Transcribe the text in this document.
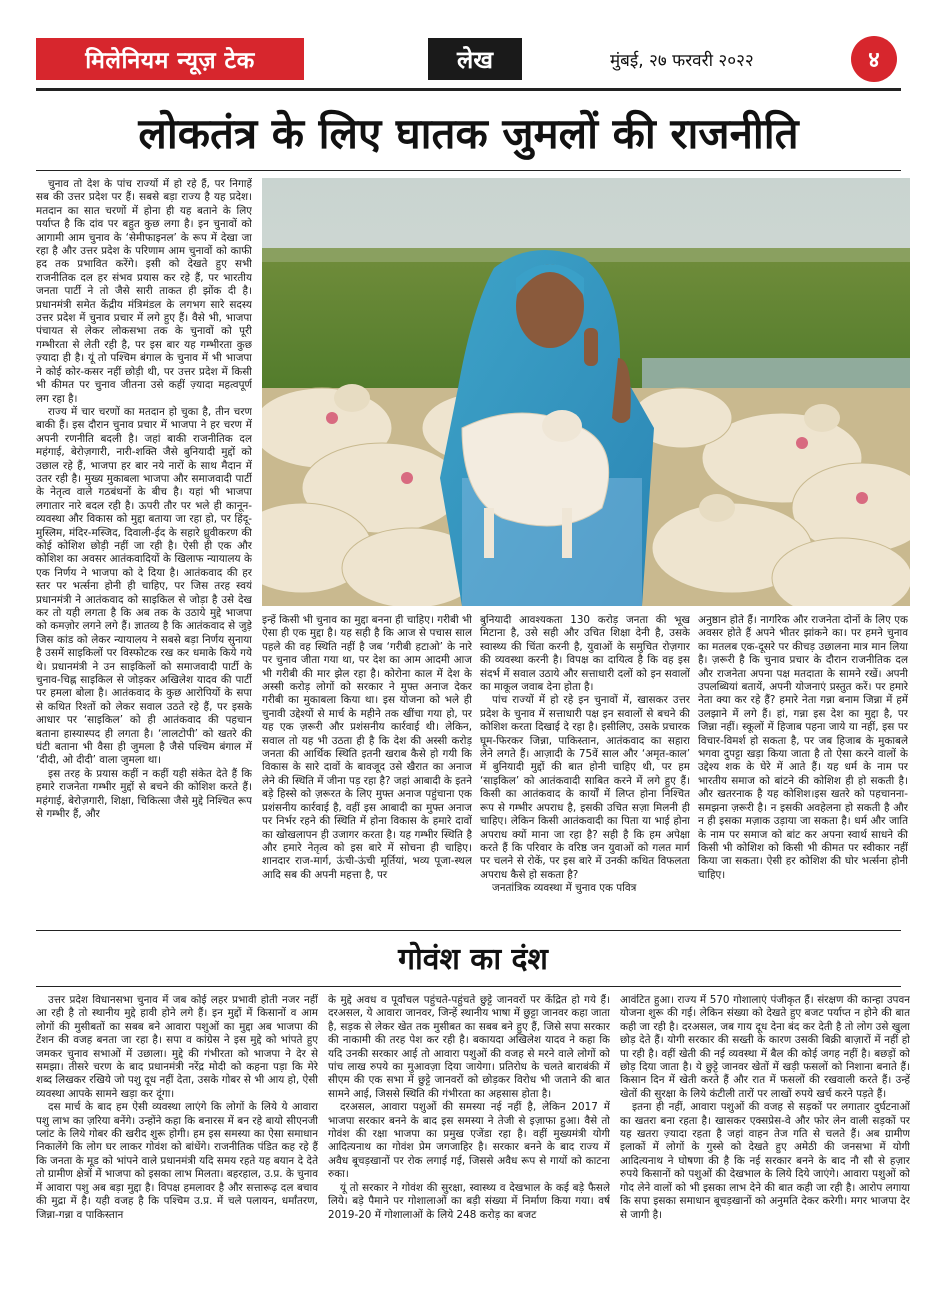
मिलेनियम न्यूज़ टेक	लेख	मुंबई, २७ फरवरी २०२२	४
लोकतंत्र के लिए घातक जुमलों की राजनीति

चुनाव तो देश के पांच राज्यों में हो रहे हैं, पर निगाहें सब की उत्तर प्रदेश पर हैं। सबसे बड़ा राज्य है यह प्रदेश। मतदान का सात चरणों में होना ही यह बताने के लिए पर्याप्त है कि दांव पर बहुत कुछ लगा है। इन चुनावों को आगामी आम चुनाव के ‘सेमीफाइनल’ के रूप में देखा जा रहा है और उत्तर प्रदेश के परिणाम आम चुनावों को काफी हद तक प्रभावित करेंगे। इसी को देखते हुए सभी राजनीतिक दल हर संभव प्रयास कर रहे हैं, पर भारतीय जनता पार्टी ने तो जैसे सारी ताकत ही झोंक दी है। प्रधानमंत्री समेत केंद्रीय मंत्रिमंडल के लगभग सारे सदस्य उत्तर प्रदेश में चुनाव प्रचार में लगे हुए हैं। वैसे भी, भाजपा पंचायत से लेकर लोकसभा तक के चुनावों को पूरी गम्भीरता से लेती रही है, पर इस बार यह गम्भीरता कुछ ज़्यादा ही है। यूं तो पश्चिम बंगाल के चुनाव में भी भाजपा ने कोई कोर-कसर नहीं छोड़ी थी, पर उत्तर प्रदेश में किसी भी कीमत पर चुनाव जीतना उसे कहीं ज़्यादा महत्वपूर्ण लग रहा है।

राज्य में चार चरणों का मतदान हो चुका है, तीन चरण बाकी हैं। इस दौरान चुनाव प्रचार में भाजपा ने हर चरण में अपनी रणनीति बदली है। जहां बाकी राजनीतिक दल महंगाई, बेरोज़गारी, नारी-शक्ति जैसे बुनियादी मुद्दों को उछाल रहे हैं, भाजपा हर बार नये नारों के साथ मैदान में उतर रही है। मुख्य मुकाबला भाजपा और समाजवादी पार्टी के नेतृत्व वाले गठबंधनों के बीच है। यहां भी भाजपा लगातार नारे बदल रही है। ऊपरी तौर पर भले ही कानून-व्यवस्था और विकास को मुद्दा बताया जा रहा हो, पर हिंदू-मुस्लिम, मंदिर-मस्जिद, दिवाली-ईद के सहारे ध्रुवीकरण की कोई कोशिश छोड़ी नहीं जा रही है। ऐसी ही एक और कोशिश का अवसर आतंकवादियों के खिलाफ न्यायालय के एक निर्णय ने भाजपा को दे दिया है। आतंकवाद की हर स्तर पर भर्त्सना होनी ही चाहिए, पर जिस तरह स्वयं प्रधानमंत्री ने आतंकवाद को साइकिल से जोड़ा है उसे देख कर तो यही लगता है कि अब तक के उठाये मुद्दे भाजपा को कमज़ोर लगने लगे हैं। ज्ञातव्य है कि आतंकवाद से जुड़े जिस कांड को लेकर न्यायालय ने सबसे बड़ा निर्णय सुनाया है उसमें साइकिलों पर विस्फोटक रख कर धमाके किये गये थे। प्रधानमंत्री ने उन साइकिलों को समाजवादी पार्टी के चुनाव-चिह्न साइकिल से जोड़कर अखिलेश यादव की पार्टी पर हमला बोला है। आतंकवाद के कुछ आरोपियों के सपा से कथित रिश्तों को लेकर सवाल उठते रहे हैं, पर इसके आधार पर ‘साइकिल’ को ही आतंकवाद की पहचान बताना हास्यास्पद ही लगता है। ‘लालटोपी’ को खतरे की घंटी बताना भी वैसा ही जुमला है जैसे पश्चिम बंगाल में ‘दीदी, ओ दीदी’ वाला जुमला था।

इस तरह के प्रयास कहीं न कहीं यही संकेत देते हैं कि हमारे राजनेता गम्भीर मुद्दों से बचने की कोशिश करते हैं। महंगाई, बेरोज़गारी, शिक्षा, चिकित्सा जैसे मुद्दे निश्चित रूप से गम्भीर हैं, और

इन्हें किसी भी चुनाव का मुद्दा बनना ही चाहिए। गरीबी भी ऐसा ही एक मुद्दा है। यह सही है कि आज से पचास साल पहले की वह स्थिति नहीं है जब ‘गरीबी हटाओ’ के नारे पर चुनाव जीता गया था, पर देश का आम आदमी आज भी गरीबी की मार झेल रहा है। कोरोना काल में देश के अस्सी करोड़ लोगों को सरकार ने मुफ्त अनाज देकर गरीबी का मुकाबला किया था। इस योजना को भले ही चुनावी उद्देश्यों से मार्च के महीने तक खींचा गया हो, पर यह एक ज़रूरी और प्रशंसनीय कार्रवाई थी। लेकिन, सवाल तो यह भी उठता ही है कि देश की अस्सी करोड़ जनता की आर्थिक स्थिति इतनी खराब कैसे हो गयी कि विकास के सारे दावों के बावजूद उसे खैरात का अनाज लेने की स्थिति में जीना पड़ रहा है? जहां आबादी के इतने बड़े हिस्से को ज़रूरत के लिए मुफ्त अनाज पहुंचाना एक प्रशंसनीय कार्रवाई है, वहीं इस आबादी का मुफ्त अनाज पर निर्भर रहने की स्थिति में होना विकास के हमारे दावों का खोखलापन ही उजागर करता है। यह गम्भीर स्थिति है और हमारे नेतृत्व को इस बारे में सोचना ही चाहिए। शानदार राज-मार्ग, ऊंची-ऊंची मूर्तियां, भव्य पूजा-स्थल आदि सब की अपनी महत्ता है, पर

बुनियादी आवश्यकता 130 करोड़ जनता की भूख मिटाना है, उसे सही और उचित शिक्षा देनी है, उसके स्वास्थ्य की चिंता करनी है, युवाओं के समुचित रोज़गार की व्यवस्था करनी है। विपक्ष का दायित्व है कि वह इस संदर्भ में सवाल उठाये और सत्ताधारी दलों को इन सवालों का माकूल जवाब देना होता है।

पांच राज्यों में हो रहे इन चुनावों में, खासकर उत्तर प्रदेश के चुनाव में सत्ताधारी पक्ष इन सवालों से बचने की कोशिश करता दिखाई दे रहा है। इसीलिए, उसके प्रचारक घूम-फिरकर जिन्ना, पाकिस्तान, आतंकवाद का सहारा लेने लगते हैं। आज़ादी के 75वें साल और ‘अमृत-काल’ में बुनियादी मुद्दों की बात होनी चाहिए थी, पर हम ‘साइकिल’ को आतंकवादी साबित करने में लगे हुए हैं। किसी का आतंकवाद के कार्यों में लिप्त होना निश्चित रूप से गम्भीर अपराध है, इसकी उचित सज़ा मिलनी ही चाहिए। लेकिन किसी आतंकवादी का पिता या भाई होना अपराध क्यों माना जा रहा है? सही है कि हम अपेक्षा करते हैं कि परिवार के वरिष्ठ जन युवाओं को गलत मार्ग पर चलने से रोकें, पर इस बारे में उनकी कथित विफलता अपराध कैसे हो सकता है?

जनतांत्रिक व्यवस्था में चुनाव एक पवित्र

अनुष्ठान होते हैं। नागरिक और राजनेता दोनों के लिए एक अवसर होते हैं अपने भीतर झांकने का। पर हमने चुनाव का मतलब एक-दूसरे पर कीचड़ उछालना मात्र मान लिया है। ज़रूरी है कि चुनाव प्रचार के दौरान राजनीतिक दल और राजनेता अपना पक्ष मतदाता के सामने रखें। अपनी उपलब्धियां बतायें, अपनी योजनाएं प्रस्तुत करें। पर हमारे नेता क्या कर रहे हैं? हमारे नेता गन्ना बनाम जिन्ना में हमें उलझाने में लगे हैं। हां, गन्ना इस देश का मुद्दा है, पर जिन्ना नहीं। स्कूलों में हिजाब पहना जाये या नहीं, इस पर विचार-विमर्श हो सकता है, पर जब हिजाब के मुकाबले भगवा दुपट्टा खड़ा किया जाता है तो ऐसा करने वालों के उद्देश्य शक के घेरे में आते हैं। यह धर्म के नाम पर भारतीय समाज को बांटने की कोशिश ही हो सकती है। और खतरनाक है यह कोशिश।इस खतरे को पहचानना-समझना ज़रूरी है। न इसकी अवहेलना हो सकती है और न ही इसका मज़ाक उड़ाया जा सकता है। धर्म और जाति के नाम पर समाज को बांट कर अपना स्वार्थ साधने की किसी भी कोशिश को किसी भी कीमत पर स्वीकार नहीं किया जा सकता। ऐसी हर कोशिश की घोर भर्त्सना होनी चाहिए।

गोवंश का दंश

उत्तर प्रदेश विधानसभा चुनाव में जब कोई लहर प्रभावी होती नजर नहीं आ रही है तो स्थानीय मुद्दे हावी होने लगे हैं। इन मुद्दों में किसानों व आम लोगों की मुसीबतों का सबब बने आवारा पशुओं का मुद्दा अब भाजपा की टेंशन की वजह बनता जा रहा है। सपा व कांग्रेस ने इस मुद्दे को भांपते हुए जमकर चुनाव सभाओं में उछाला। मुद्दे की गंभीरता को भाजपा ने देर से समझा। तीसरे चरण के बाद प्रधानमंत्री नरेंद्र मोदी को कहना पड़ा कि मेरे शब्द लिखकर रखिये जो पशु दूध नहीं देता, उसके गोबर से भी आय हो, ऐसी व्यवस्था आपके सामने खड़ा कर दूंगा।

दस मार्च के बाद हम ऐसी व्यवस्था लाएंगे कि लोगों के लिये ये आवारा पशु लाभ का ज़रिया बनेंगे। उन्होंने कहा कि बनारस में बन रहे बायो सीएनजी प्लांट के लिये गोबर की खरीद शुरू होगी। हम इस समस्या का ऐसा समाधान निकालेंगे कि लोग घर लाकर गोवंश को बांधेंगे। राजनीतिक पंडित कह रहे हैं कि जनता के मूड को भांपने वाले प्रधानमंत्री यदि समय रहते यह बयान दे देते तो ग्रामीण क्षेत्रों में भाजपा को इसका लाभ मिलता। बहरहाल, उ.प्र. के चुनाव में आवारा पशु अब बड़ा मुद्दा है। विपक्ष हमलावर है और सत्तारूढ़ दल बचाव की मुद्रा में है। यही वजह है कि पश्चिम उ.प्र. में चले पलायन, धर्मांतरण, जिन्ना-गन्ना व पाकिस्तान

के मुद्दे अवध व पूर्वांचल पहुंचते-पहुंचते छुट्टे जानवरों पर केंद्रित हो गये हैं। दरअसल, ये आवारा जानवर, जिन्हें स्थानीय भाषा में छुट्टा जानवर कहा जाता है, सड़क से लेकर खेत तक मुसीबत का सबब बने हुए हैं, जिसे सपा सरकार की नाकामी की तरह पेश कर रही है। बकायदा अखिलेश यादव ने कहा कि यदि उनकी सरकार आई तो आवारा पशुओं की वजह से मरने वाले लोगों को पांच लाख रुपये का मुआवज़ा दिया जायेगा। प्रतिरोध के चलते बाराबंकी में सीएम की एक सभा में छुट्टे जानवरों को छोड़कर विरोध भी जताने की बात सामने आई, जिससे स्थिति की गंभीरता का अहसास होता है।

दरअसल, आवारा पशुओं की समस्या नई नहीं है, लेकिन 2017 में भाजपा सरकार बनने के बाद इस समस्या ने तेजी से इज़ाफा हुआ। वैसे तो गोवंश की रक्षा भाजपा का प्रमुख एजेंडा रहा है। वहीं मुख्यमंत्री योगी आदित्यनाथ का गोवंश प्रेम जगजाहिर है। सरकार बनने के बाद राज्य में अवैध बूचड़खानों पर रोक लगाई गई, जिससे अवैध रूप से गायों को काटना रुका।

यूं तो सरकार ने गोवंश की सुरक्षा, स्वास्थ्य व देखभाल के कई बड़े फैसले लिये। बड़े पैमाने पर गोशालाओं का बड़ी संख्या में निर्माण किया गया। वर्ष 2019-20 में गोशालाओं के लिये 248 करोड़ का बजट

आवंटित हुआ। राज्य में 570 गोशालाएं पंजीकृत हैं। संरक्षण की कान्हा उपवन योजना शुरू की गई। लेकिन संख्या को देखते हुए बजट पर्याप्त न होने की बात कही जा रही है। दरअसल, जब गाय दूध देना बंद कर देती है तो लोग उसे खुला छोड़ देते हैं। योगी सरकार की सख्ती के कारण उसकी बिक्री बाज़ारों में नहीं हो पा रही है। वहीं खेती की नई व्यवस्था में बैल की कोई जगह नहीं है। बछड़ों को छोड़ दिया जाता है। ये छुट्टे जानवर खेतों में खड़ी फसलों को निशाना बनाते हैं। किसान दिन में खेती करते हैं और रात में फसलों की रखवाली करते हैं। उन्हें खेतों की सुरक्षा के लिये कंटीली तारों पर लाखों रुपये खर्च करने पड़ते हैं।

इतना ही नहीं, आवारा पशुओं की वजह से सड़कों पर लगातार दुर्घटनाओं का खतरा बना रहता है। खासकर एक्सप्रेस-वे और फोर लेन वाली सड़कों पर यह खतरा ज़्यादा रहता है जहां वाहन तेज गति से चलते हैं। अब ग्रामीण इलाकों में लोगों के गुस्से को देखते हुए अमेठी की जनसभा में योगी आदित्यनाथ ने घोषणा की है कि नई सरकार बनने के बाद नौ सौ से हज़ार रुपये किसानों को पशुओं की देखभाल के लिये दिये जाएंगे। आवारा पशुओं को गोद लेने वालों को भी इसका लाभ देने की बात कही जा रही है। आरोप लगाया कि सपा इसका समाधान बूचड़खानों को अनुमति देकर करेगी। मगर भाजपा देर से जागी है।
